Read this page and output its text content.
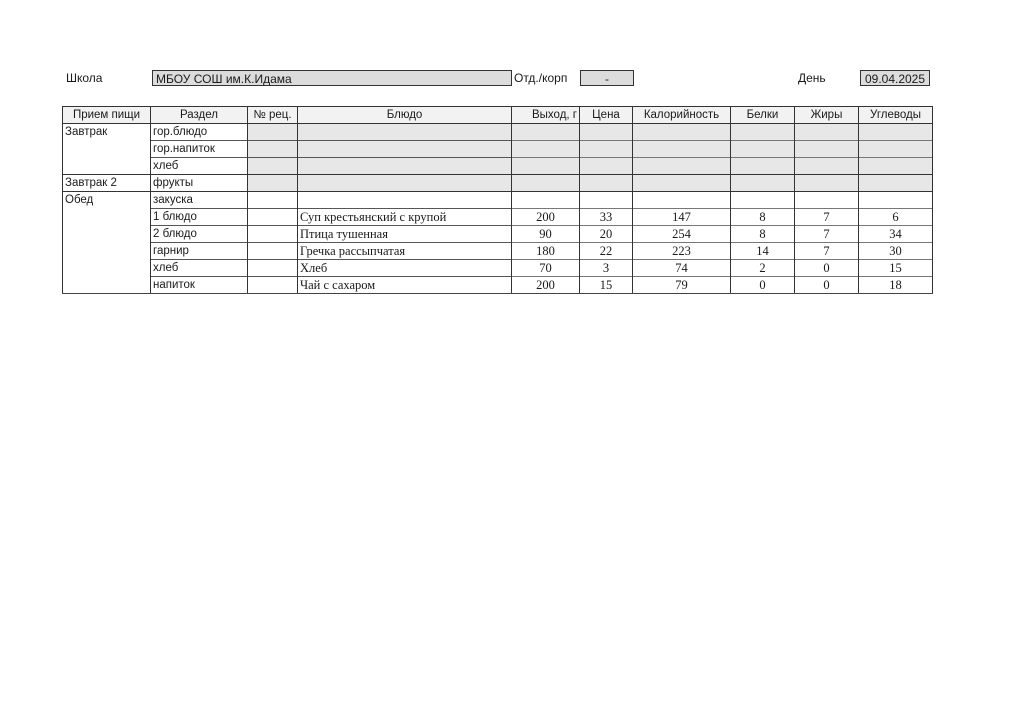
Школа	МБОУ СОШ им.К.Идама	Отд./корп	-	День	09.04.2025
Прием пищи	Раздел	№ рец.	Блюдо	Выход, г	Цена	Калорийность	Белки	Жиры	Углеводы
Завтрак	гор.блюдо								
	гор.напиток								
	хлеб								
Завтрак 2	фрукты								
Обед	закуска								
	1 блюдо		Суп крестьянский с крупой	200	33	147	8	7	6
	2 блюдо		Птица тушенная	90	20	254	8	7	34
	гарнир		Гречка рассыпчатая	180	22	223	14	7	30
	хлеб		Хлеб	70	3	74	2	0	15
	напиток		Чай с сахаром	200	15	79	0	0	18
